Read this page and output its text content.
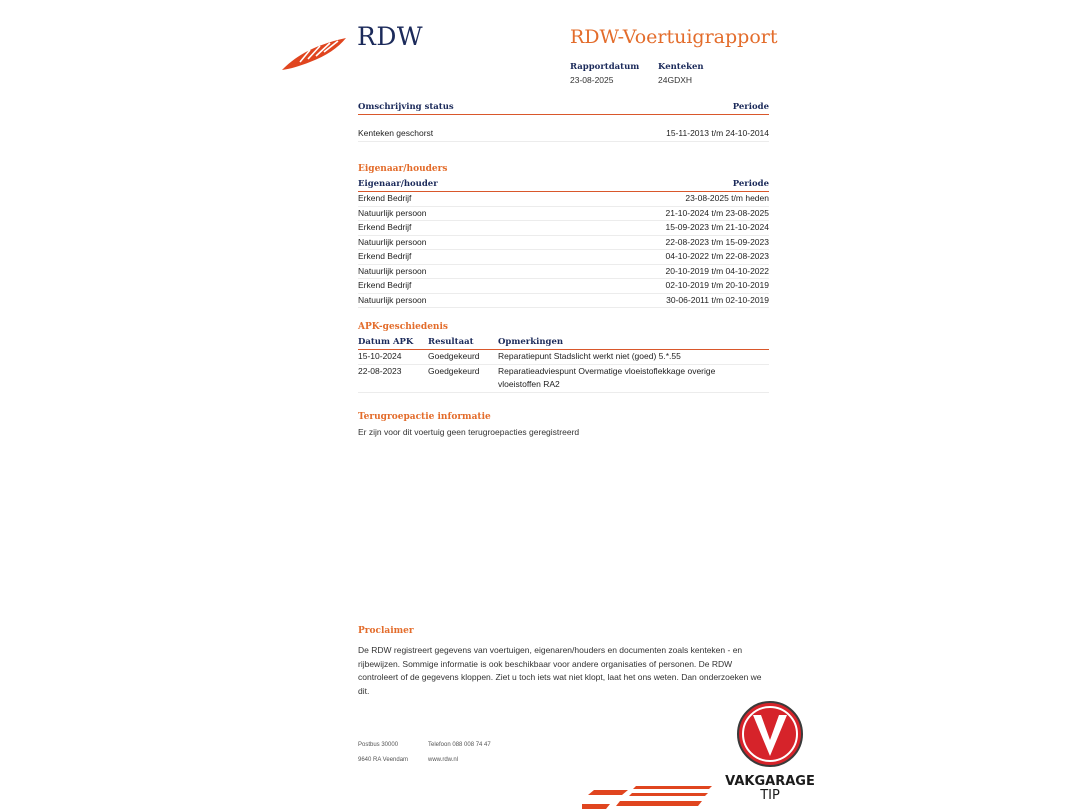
RDW	RDW-Voertuigrapport
Rapportdatum
23-08-2025
Kenteken
24GDXH
Omschrijving status	Periode
Kenteken geschorst	15-11-2013 t/m 24-10-2014
Eigenaar/houders
Eigenaar/houder	Periode
Erkend Bedrijf	23-08-2025 t/m heden
Natuurlijk persoon	21-10-2024 t/m 23-08-2025
Erkend Bedrijf	15-09-2023 t/m 21-10-2024
Natuurlijk persoon	22-08-2023 t/m 15-09-2023
Erkend Bedrijf	04-10-2022 t/m 22-08-2023
Natuurlijk persoon	20-10-2019 t/m 04-10-2022
Erkend Bedrijf	02-10-2019 t/m 20-10-2019
Natuurlijk persoon	30-06-2011 t/m 02-10-2019
APK-geschiedenis
Datum APK	Resultaat	Opmerkingen
15-10-2024	Goedgekeurd	Reparatiepunt Stadslicht werkt niet (goed) 5.*.55
22-08-2023	Goedgekeurd	Reparatieadviespunt Overmatige vloeistoflekkage overige vloeistoffen RA2
Terugroepactie informatie
Er zijn voor dit voertuig geen terugroepacties geregistreerd
Proclaimer
De RDW registreert gegevens van voertuigen, eigenaren/houders en documenten zoals kenteken - en rijbewijzen. Sommige informatie is ook beschikbaar voor andere organisaties of personen. De RDW controleert of de gegevens kloppen. Ziet u toch iets wat niet klopt, laat het ons weten. Dan onderzoeken we dit.
Postbus 30000
9640 RA Veendam
Telefoon 088 008 74 47
www.rdw.nl
VAKGARAGE
TIP
